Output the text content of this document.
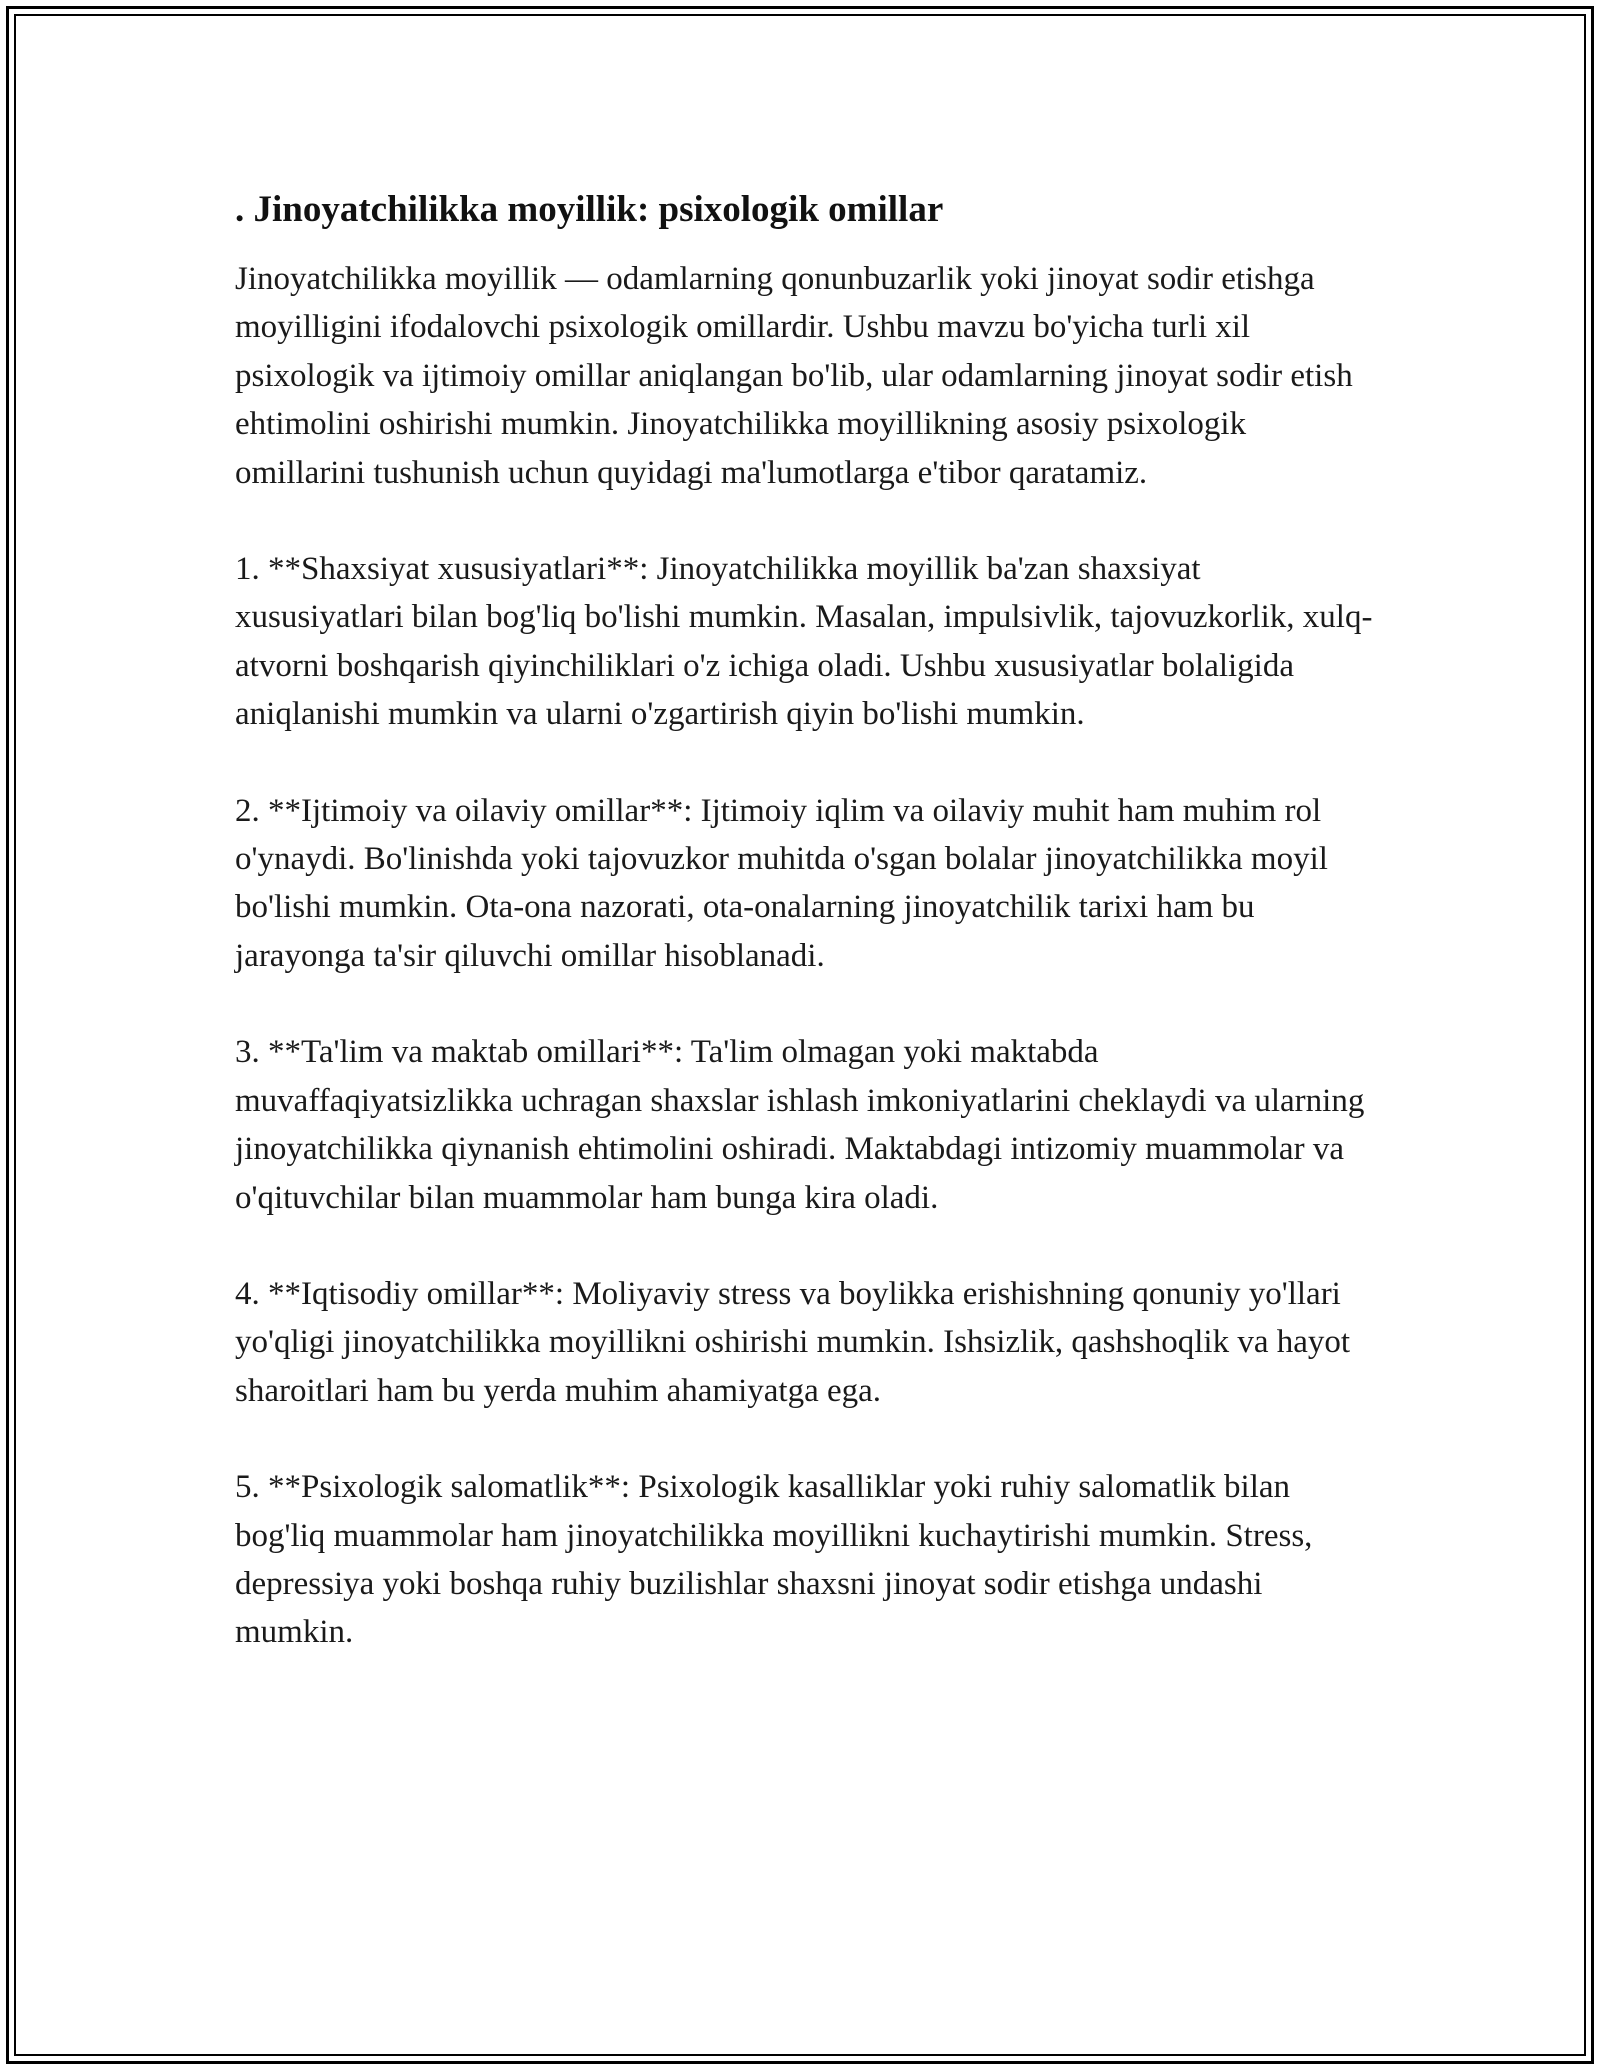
. Jinoyatchilikka moyillik: psixologik omillar

Jinoyatchilikka moyillik — odamlarning qonunbuzarlik yoki jinoyat sodir etishga moyilligini ifodalovchi psixologik omillardir. Ushbu mavzu bo'yicha turli xil psixologik va ijtimoiy omillar aniqlangan bo'lib, ular odamlarning jinoyat sodir etish ehtimolini oshirishi mumkin. Jinoyatchilikka moyillikning asosiy psixologik omillarini tushunish uchun quyidagi ma'lumotlarga e'tibor qaratamiz.

1. **Shaxsiyat xususiyatlari**: Jinoyatchilikka moyillik ba'zan shaxsiyat xususiyatlari bilan bog'liq bo'lishi mumkin. Masalan, impulsivlik, tajovuzkorlik, xulq-atvorni boshqarish qiyinchiliklari o'z ichiga oladi. Ushbu xususiyatlar bolaligida aniqlanishi mumkin va ularni o'zgartirish qiyin bo'lishi mumkin.

2. **Ijtimoiy va oilaviy omillar**: Ijtimoiy iqlim va oilaviy muhit ham muhim rol o'ynaydi. Bo'linishda yoki tajovuzkor muhitda o'sgan bolalar jinoyatchilikka moyil bo'lishi mumkin. Ota-ona nazorati, ota-onalarning jinoyatchilik tarixi ham bu jarayonga ta'sir qiluvchi omillar hisoblanadi.

3. **Ta'lim va maktab omillari**: Ta'lim olmagan yoki maktabda muvaffaqiyatsizlikka uchragan shaxslar ishlash imkoniyatlarini cheklaydi va ularning jinoyatchilikka qiynanish ehtimolini oshiradi. Maktabdagi intizomiy muammolar va o'qituvchilar bilan muammolar ham bunga kira oladi.

4. **Iqtisodiy omillar**: Moliyaviy stress va boylikka erishishning qonuniy yo'llari yo'qligi jinoyatchilikka moyillikni oshirishi mumkin. Ishsizlik, qashshoqlik va hayot sharoitlari ham bu yerda muhim ahamiyatga ega.

5. **Psixologik salomatlik**: Psixologik kasalliklar yoki ruhiy salomatlik bilan bog'liq muammolar ham jinoyatchilikka moyillikni kuchaytirishi mumkin. Stress, depressiya yoki boshqa ruhiy buzilishlar shaxsni jinoyat sodir etishga undashi mumkin.
